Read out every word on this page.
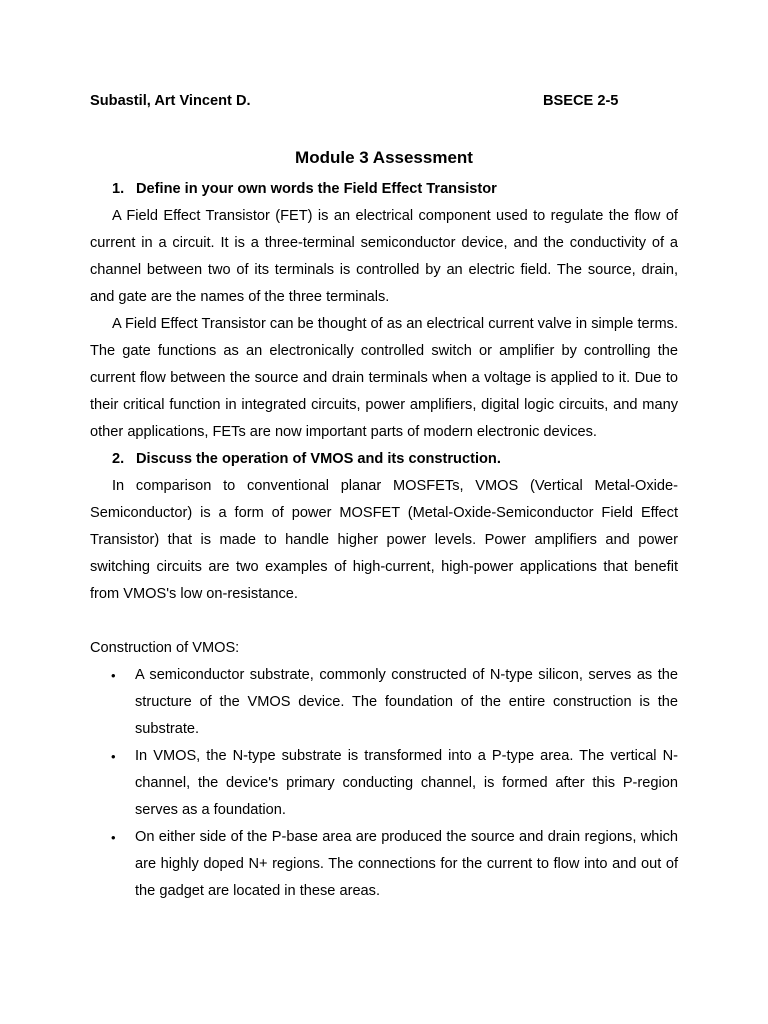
Subastil, Art Vincent D.	BSECE 2-5
Module 3 Assessment
1. Define in your own words the Field Effect Transistor

A Field Effect Transistor (FET) is an electrical component used to regulate the flow of current in a circuit. It is a three-terminal semiconductor device, and the conductivity of a channel between two of its terminals is controlled by an electric field. The source, drain, and gate are the names of the three terminals.

A Field Effect Transistor can be thought of as an electrical current valve in simple terms. The gate functions as an electronically controlled switch or amplifier by controlling the current flow between the source and drain terminals when a voltage is applied to it. Due to their critical function in integrated circuits, power amplifiers, digital logic circuits, and many other applications, FETs are now important parts of modern electronic devices.

2. Discuss the operation of VMOS and its construction.

In comparison to conventional planar MOSFETs, VMOS (Vertical Metal-Oxide-Semiconductor) is a form of power MOSFET (Metal-Oxide-Semiconductor Field Effect Transistor) that is made to handle higher power levels. Power amplifiers and power switching circuits are two examples of high-current, high-power applications that benefit from VMOS's low on-resistance.

Construction of VMOS:

• A semiconductor substrate, commonly constructed of N-type silicon, serves as the structure of the VMOS device. The foundation of the entire construction is the substrate.
• In VMOS, the N-type substrate is transformed into a P-type area. The vertical N-channel, the device's primary conducting channel, is formed after this P-region serves as a foundation.
• On either side of the P-base area are produced the source and drain regions, which are highly doped N+ regions. The connections for the current to flow into and out of the gadget are located in these areas.
